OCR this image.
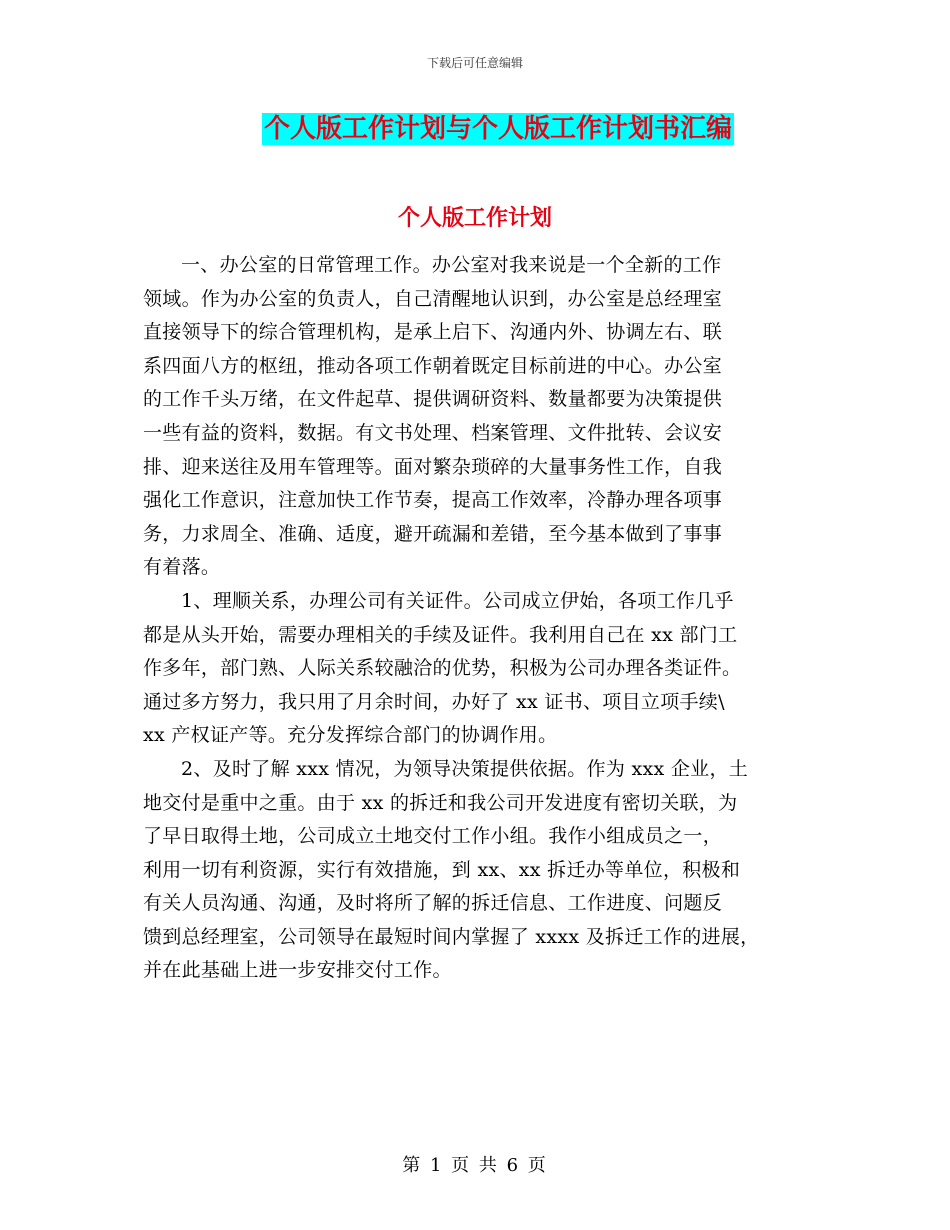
下载后可任意编辑
个人版工作计划与个人版工作计划书汇编
个人版工作计划

一、办公室的日常管理工作。办公室对我来说是一个全新的工作
领域。作为办公室的负责人，自己清醒地认识到，办公室是总经理室
直接领导下的综合管理机构，是承上启下、沟通内外、协调左右、联
系四面八方的枢纽，推动各项工作朝着既定目标前进的中心。办公室
的工作千头万绪，在文件起草、提供调研资料、数量都要为决策提供
一些有益的资料，数据。有文书处理、档案管理、文件批转、会议安
排、迎来送往及用车管理等。面对繁杂琐碎的大量事务性工作，自我
强化工作意识，注意加快工作节奏，提高工作效率，冷静办理各项事
务，力求周全、准确、适度，避开疏漏和差错，至今基本做到了事事
有着落。

1、理顺关系，办理公司有关证件。公司成立伊始，各项工作几乎
都是从头开始，需要办理相关的手续及证件。我利用自己在 xx 部门工
作多年，部门熟、人际关系较融洽的优势，积极为公司办理各类证件。
通过多方努力，我只用了月余时间，办好了 xx 证书、项目立项手续\
xx 产权证产等。充分发挥综合部门的协调作用。

2、及时了解 xxx 情况，为领导决策提供依据。作为 xxx 企业，土
地交付是重中之重。由于 xx 的拆迁和我公司开发进度有密切关联，为
了早日取得土地，公司成立土地交付工作小组。我作小组成员之一，
利用一切有利资源，实行有效措施，到 xx、xx 拆迁办等单位，积极和
有关人员沟通、沟通，及时将所了解的拆迁信息、工作进度、问题反
馈到总经理室，公司领导在最短时间内掌握了 xxxx 及拆迁工作的进展，
并在此基础上进一步安排交付工作。

第 1 页 共 6 页
